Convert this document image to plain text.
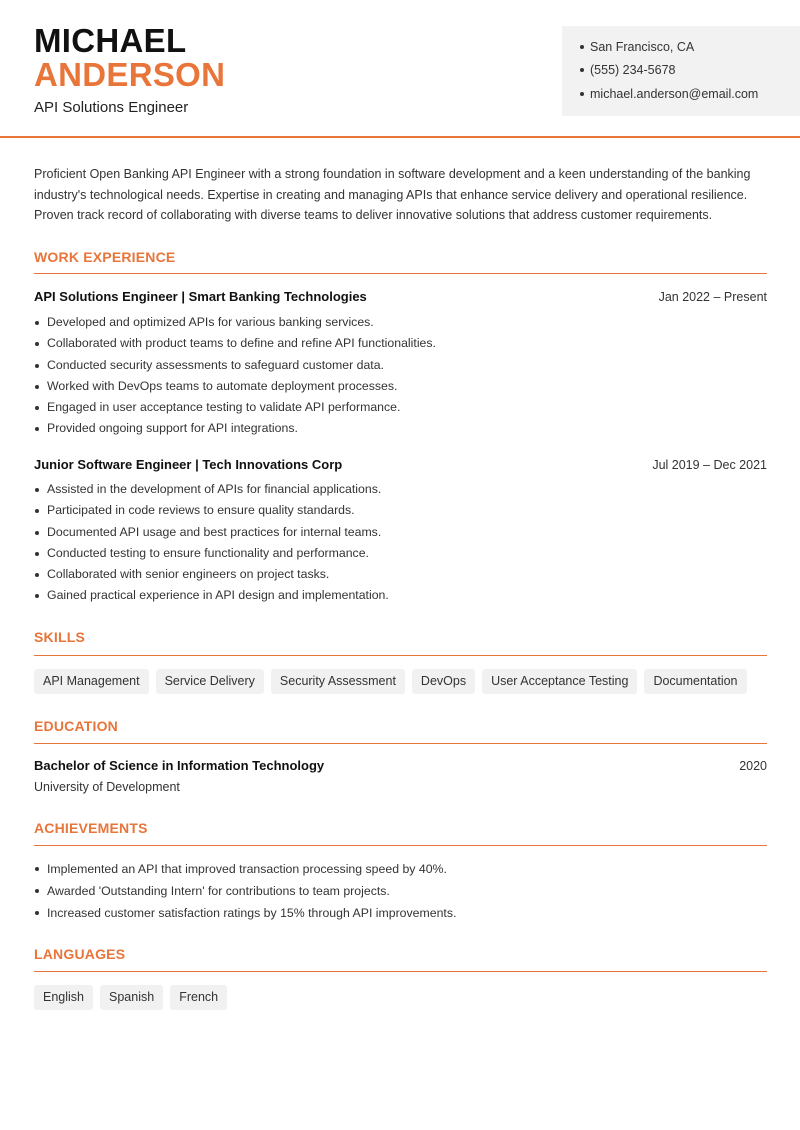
MICHAEL
ANDERSON
API Solutions Engineer
San Francisco, CA
(555) 234-5678
michael.anderson@email.com

Proficient Open Banking API Engineer with a strong foundation in software development and a keen understanding of the banking industry's technological needs. Expertise in creating and managing APIs that enhance service delivery and operational resilience. Proven track record of collaborating with diverse teams to deliver innovative solutions that address customer requirements.

WORK EXPERIENCE
API Solutions Engineer | Smart Banking Technologies	Jan 2022 – Present
Developed and optimized APIs for various banking services.
Collaborated with product teams to define and refine API functionalities.
Conducted security assessments to safeguard customer data.
Worked with DevOps teams to automate deployment processes.
Engaged in user acceptance testing to validate API performance.
Provided ongoing support for API integrations.
Junior Software Engineer | Tech Innovations Corp	Jul 2019 – Dec 2021
Assisted in the development of APIs for financial applications.
Participated in code reviews to ensure quality standards.
Documented API usage and best practices for internal teams.
Conducted testing to ensure functionality and performance.
Collaborated with senior engineers on project tasks.
Gained practical experience in API design and implementation.
SKILLS
API Management	Service Delivery	Security Assessment	DevOps	User Acceptance Testing	Documentation
EDUCATION
Bachelor of Science in Information Technology	2020
University of Development
ACHIEVEMENTS
Implemented an API that improved transaction processing speed by 40%.
Awarded 'Outstanding Intern' for contributions to team projects.
Increased customer satisfaction ratings by 15% through API improvements.
LANGUAGES
English	Spanish	French
